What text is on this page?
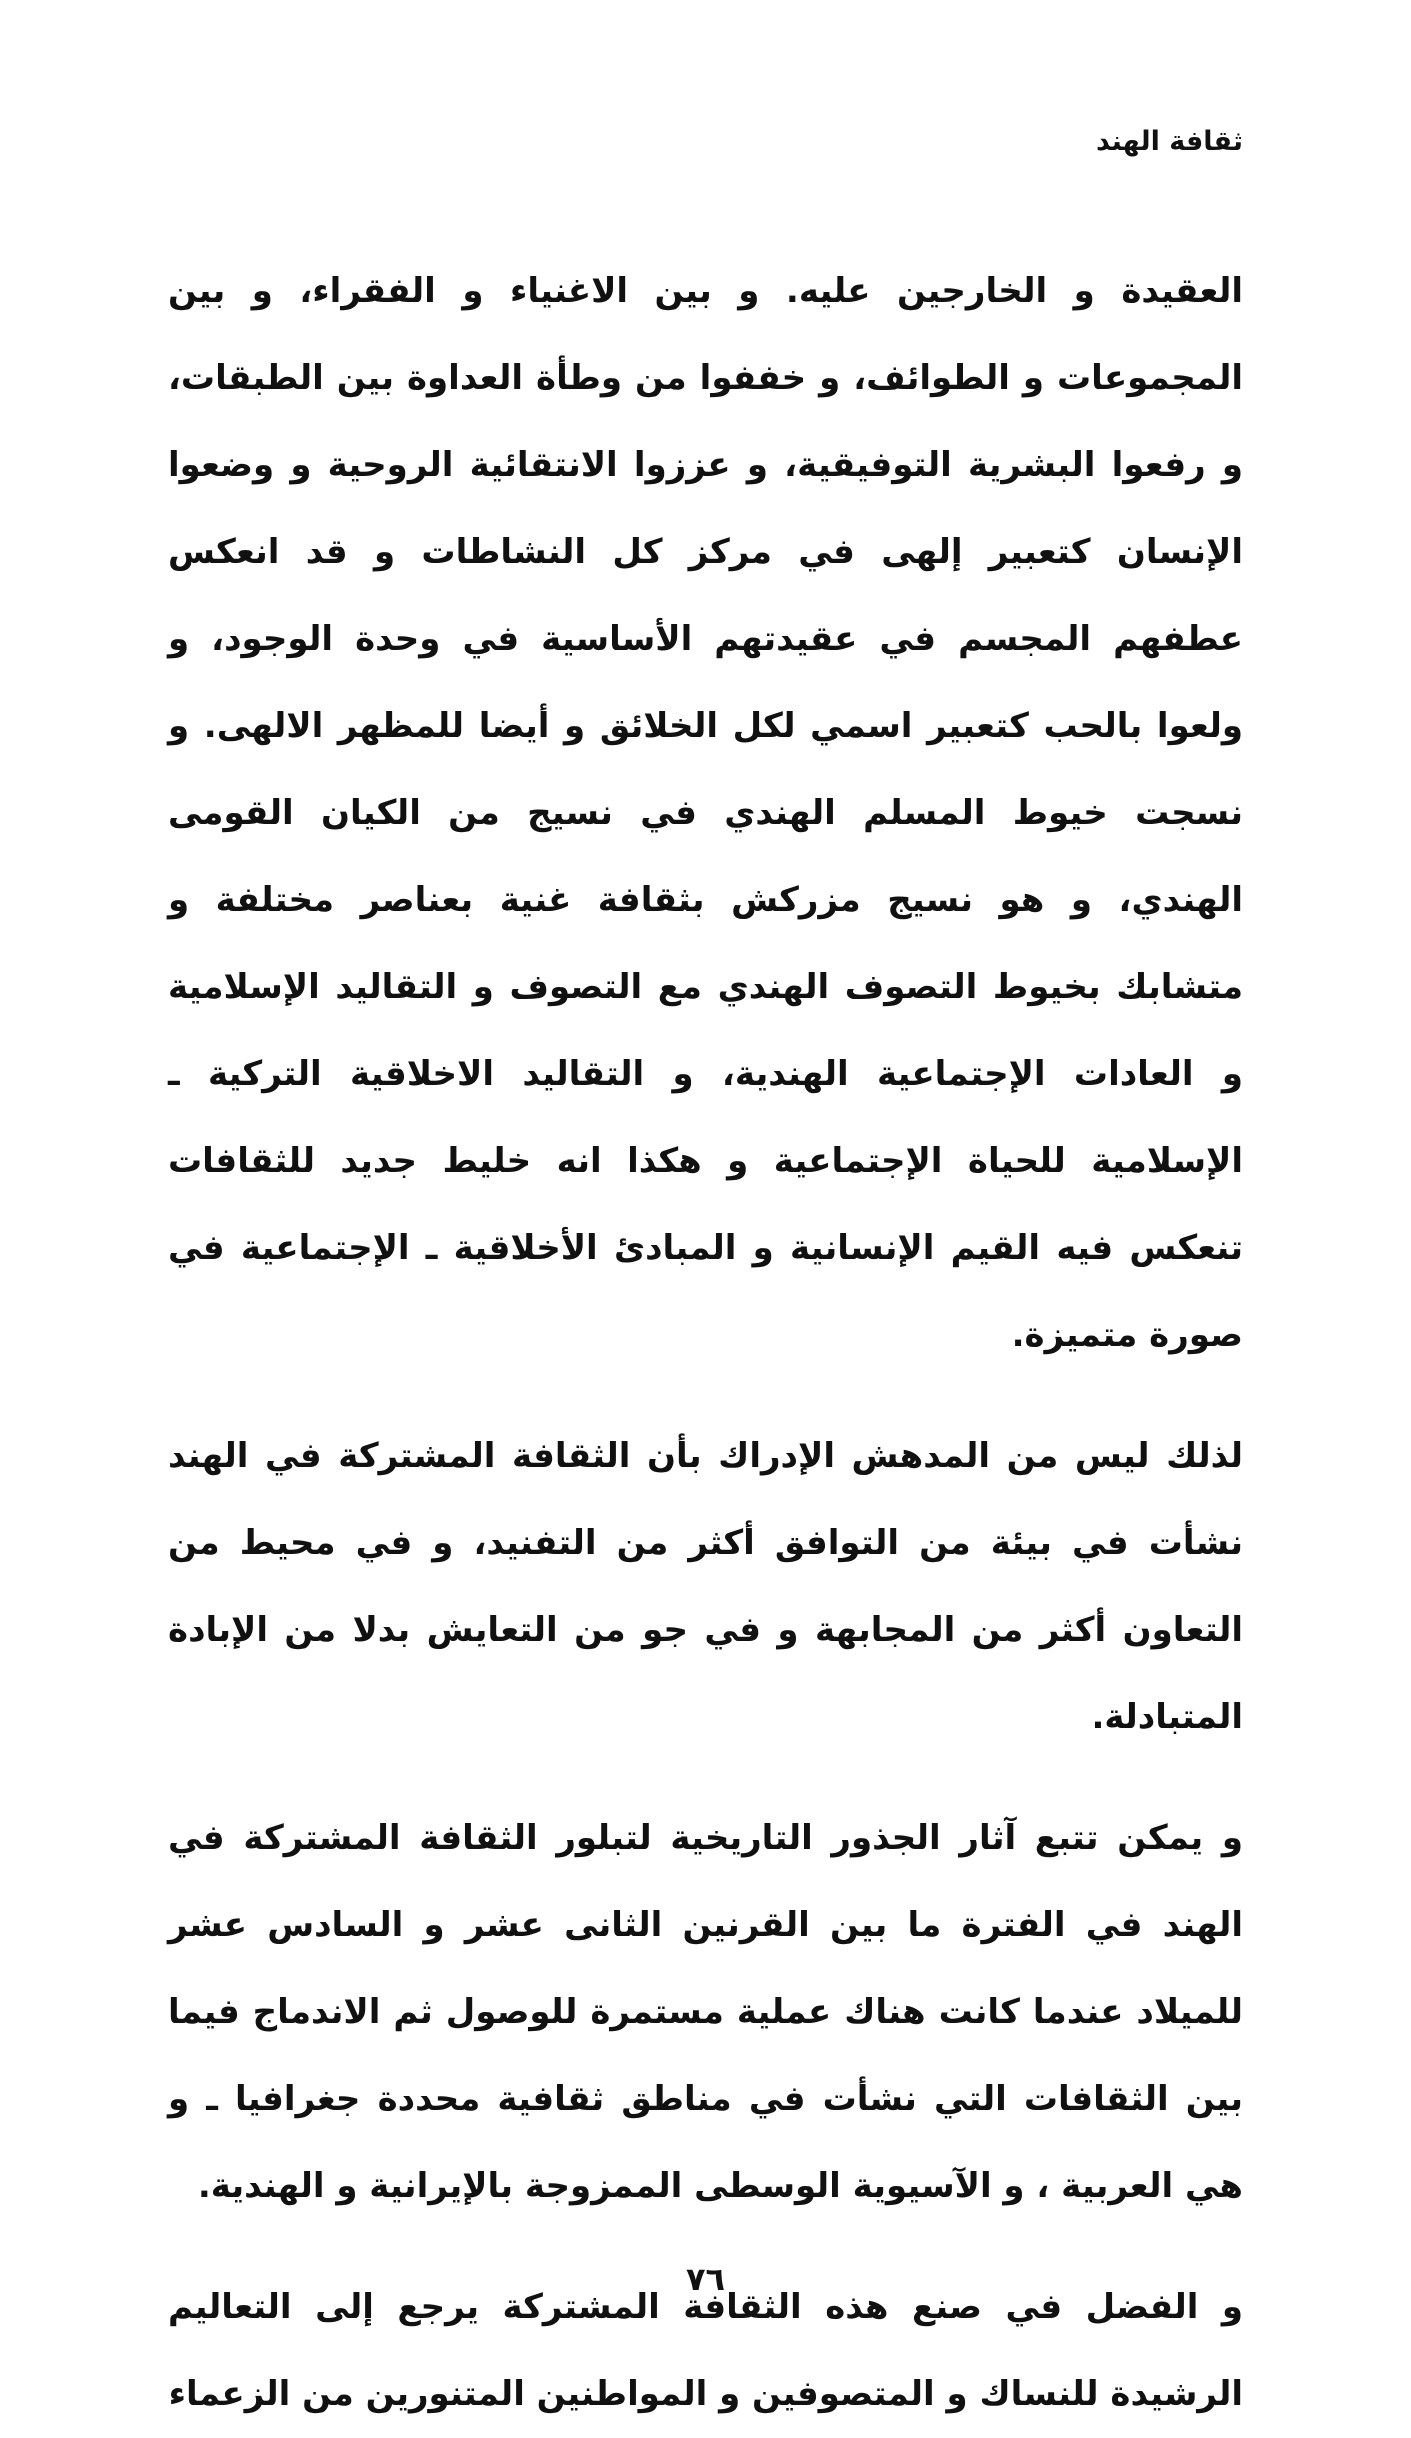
ثقافة الهند

العقيدة و الخارجين عليه. و بين الاغنياء و الفقراء، و بين المجموعات و الطوائف، و خففوا من وطأة العداوة بين الطبقات، و رفعوا البشرية التوفيقية، و عززوا الانتقائية الروحية و وضعوا الإنسان كتعبير إلهى في مركز كل النشاطات و قد انعكس عطفهم المجسم في عقيدتهم الأساسية في وحدة الوجود، و ولعوا بالحب كتعبير اسمي لكل الخلائق و أيضا للمظهر الالهى. و نسجت خيوط المسلم الهندي في نسيج من الكيان القومى الهندي، و هو نسيج مزركش بثقافة غنية بعناصر مختلفة و متشابك بخيوط التصوف الهندي مع التصوف و التقاليد الإسلامية و العادات الإجتماعية الهندية، و التقاليد الاخلاقية التركية ـ الإسلامية للحياة الإجتماعية و هكذا انه خليط جديد للثقافات تنعكس فيه القيم الإنسانية و المبادئ الأخلاقية ـ الإجتماعية في صورة متميزة.

لذلك ليس من المدهش الإدراك بأن الثقافة المشتركة في الهند نشأت في بيئة من التوافق أكثر من التفنيد، و في محيط من التعاون أكثر من المجابهة و في جو من التعايش بدلا من الإبادة المتبادلة.

و يمكن تتبع آثار الجذور التاريخية لتبلور الثقافة المشتركة في الهند في الفترة ما بين القرنين الثانى عشر و السادس عشر للميلاد عندما كانت هناك عملية مستمرة للوصول ثم الاندماج فيما بين الثقافات التي نشأت في مناطق ثقافية محددة جغرافيا ـ و هي العربية ، و الآسيوية الوسطى الممزوجة بالإيرانية و الهندية.

و الفضل في صنع هذه الثقافة المشتركة يرجع إلى التعاليم الرشيدة للنساك و المتصوفين و المواطنين المتنورين من الزعماء

٧٦
